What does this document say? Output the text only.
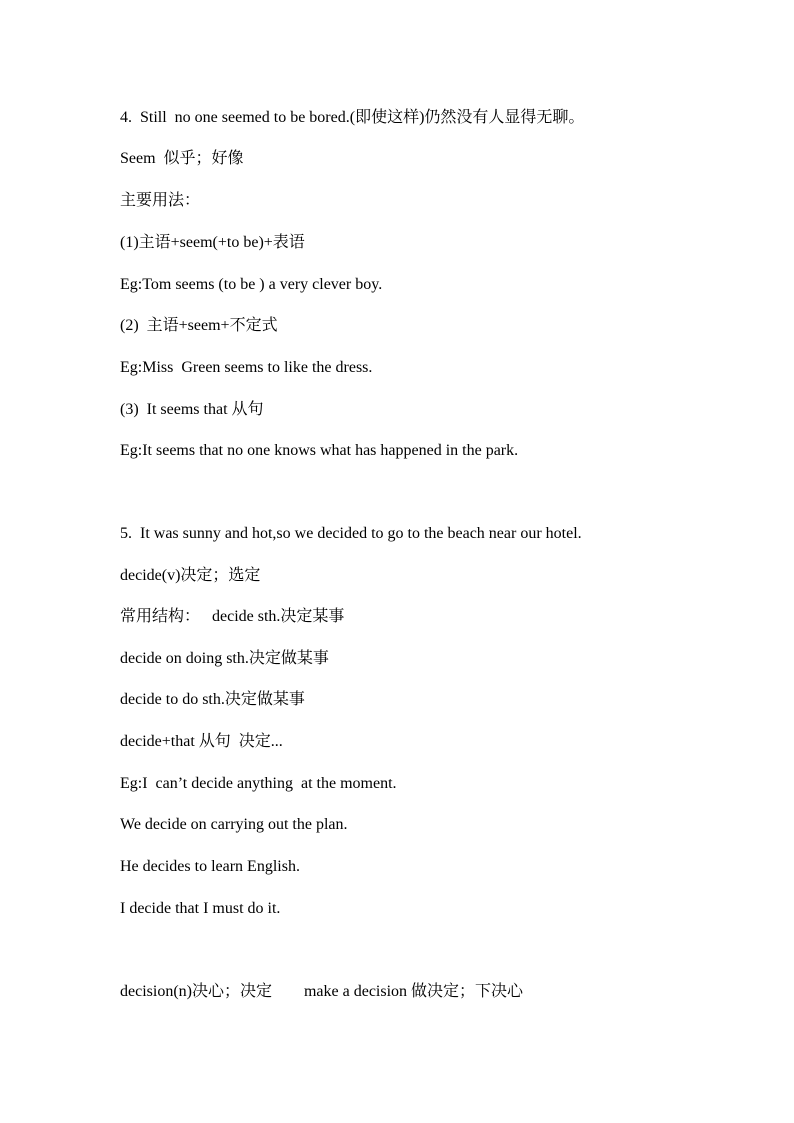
4.  Still  no one seemed to be bored.(即使这样)仍然没有人显得无聊。
Seem  似乎；好像
主要用法：
(1)主语+seem(+to be)+表语
Eg:Tom seems (to be ) a very clever boy.
(2)  主语+seem+不定式
Eg:Miss  Green seems to like the dress.
(3)  It seems that 从句
Eg:It seems that no one knows what has happened in the park.
5.  It was sunny and hot,so we decided to go to the beach near our hotel.
decide(v)决定；选定
常用结构：   decide sth.决定某事
decide on doing sth.决定做某事
decide to do sth.决定做某事
decide+that 从句  决定...
Eg:I  can’t decide anything  at the moment.
We decide on carrying out the plan.
He decides to learn English.
I decide that I must do it.
decision(n)决心；决定        make a decision 做决定；下决心
